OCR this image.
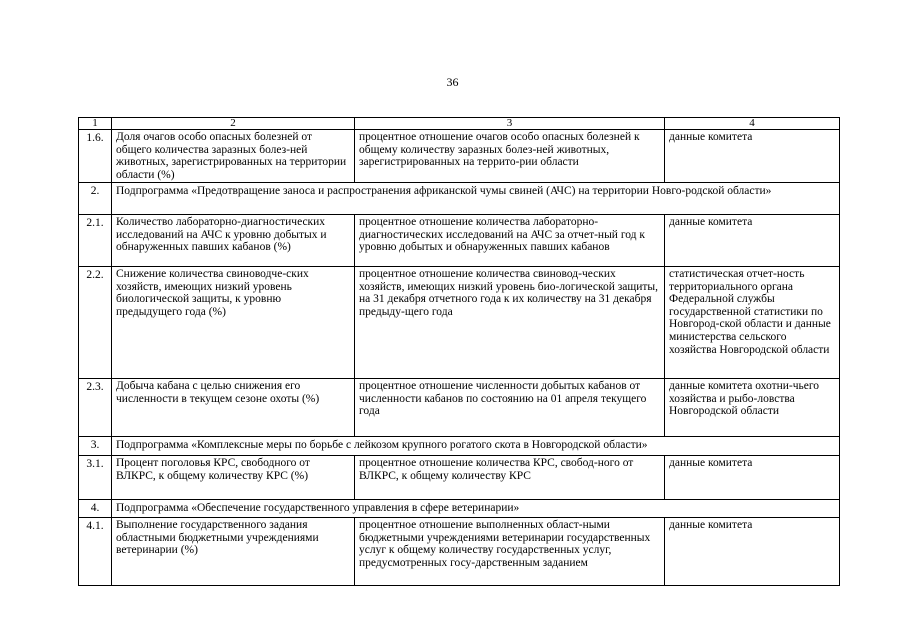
36
1	2	3	4
1.6.	Доля очагов особо опасных болезней от общего количества заразных болез-ней животных, зарегистрированных на территории области (%)	процентное отношение очагов особо опасных болезней к общему количеству заразных болез-ней животных, зарегистрированных на террито-рии области	данные комитета
2.	Подпрограмма «Предотвращение заноса и распространения африканской чумы свиней (АЧС) на территории Новго-родской области»		
2.1.	Количество лабораторно-диагностических исследований на АЧС к уровню добытых и обнаруженных павших кабанов (%)	процентное отношение количества лабораторно-диагностических исследований на АЧС за отчет-ный год к уровню добытых и обнаруженных павших кабанов	данные комитета
2.2.	Снижение количества свиноводче-ских хозяйств, имеющих низкий уровень биологической защиты, к уровню предыдущего года (%)	процентное отношение количества свиновод-ческих хозяйств, имеющих низкий уровень био-логической защиты, на 31 декабря отчетного года к их количеству на 31 декабря предыду-щего года	статистическая отчет-ность территориального органа Федеральной службы государственной статистики по Новгород-ской области и данные министерства сельского хозяйства Новгородской области
2.3.	Добыча кабана с целью снижения его численности в текущем сезоне охоты (%)	процентное отношение численности добытых кабанов от численности кабанов по состоянию на 01 апреля текущего года	данные комитета охотни-чьего хозяйства и рыбо-ловства Новгородской области
3.	Подпрограмма «Комплексные меры по борьбе с лейкозом крупного рогатого скота в Новгородской области»		
3.1.	Процент поголовья КРС, свободного от ВЛКРС, к общему количеству КРС (%)	процентное отношение количества КРС, свобод-ного от ВЛКРС, к общему количеству КРС	данные комитета
4.	Подпрограмма «Обеспечение государственного управления в сфере ветеринарии»		
4.1.	Выполнение государственного задания областными бюджетными учреждениями ветеринарии (%)	процентное отношение выполненных област-ными бюджетными учреждениями ветеринарии государственных услуг к общему количеству государственных услуг, предусмотренных госу-дарственным заданием	данные комитета
